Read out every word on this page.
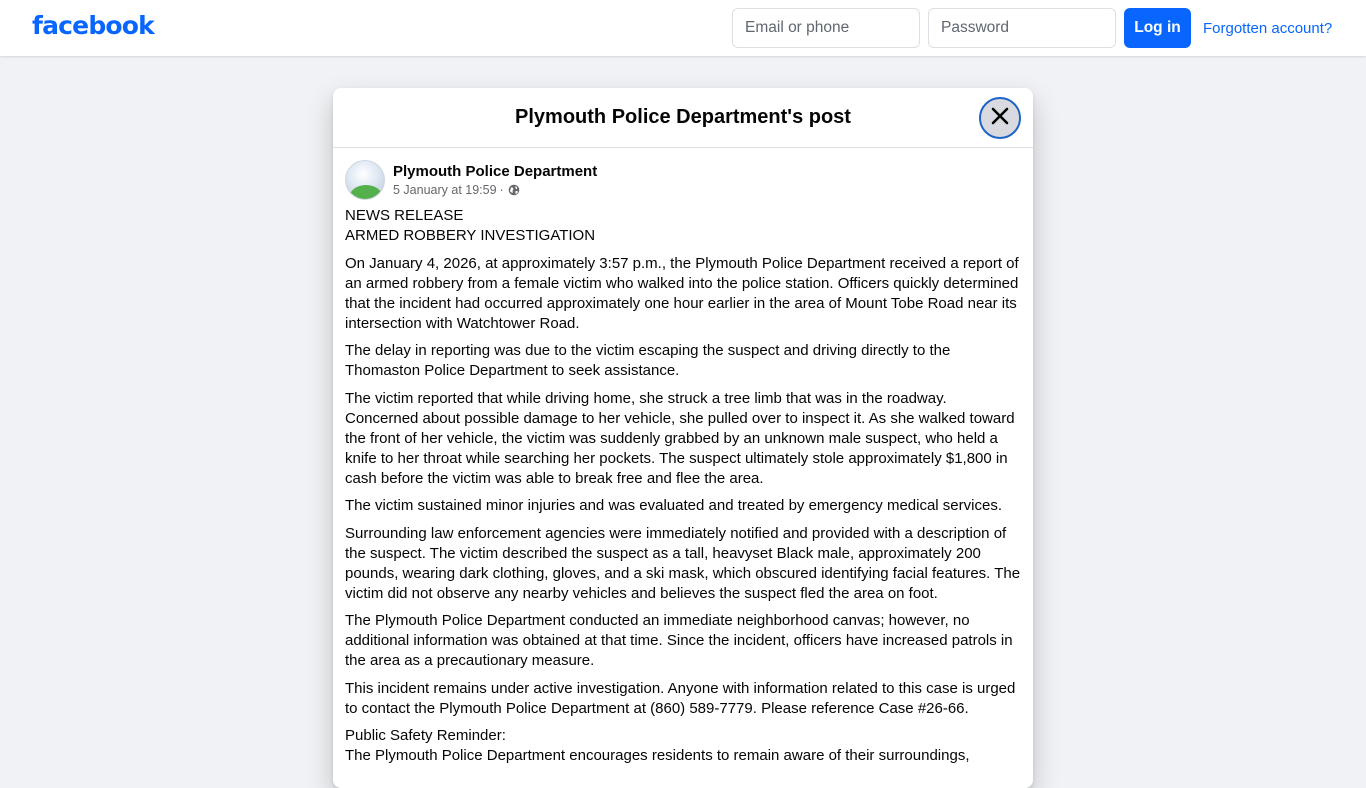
facebook
Email or phone	Log in	Forgotten account?
Plymouth Police Department's post
Plymouth Police Department
5 January at 19:59 ·

NEWS RELEASE
ARMED ROBBERY INVESTIGATION

On January 4, 2026, at approximately 3:57 p.m., the Plymouth Police Department received a report of an armed robbery from a female victim who walked into the police station. Officers quickly determined that the incident had occurred approximately one hour earlier in the area of Mount Tobe Road near its intersection with Watchtower Road.

The delay in reporting was due to the victim escaping the suspect and driving directly to the Thomaston Police Department to seek assistance.

The victim reported that while driving home, she struck a tree limb that was in the roadway. Concerned about possible damage to her vehicle, she pulled over to inspect it. As she walked toward the front of her vehicle, the victim was suddenly grabbed by an unknown male suspect, who held a knife to her throat while searching her pockets. The suspect ultimately stole approximately $1,800 in cash before the victim was able to break free and flee the area.

The victim sustained minor injuries and was evaluated and treated by emergency medical services.

Surrounding law enforcement agencies were immediately notified and provided with a description of the suspect. The victim described the suspect as a tall, heavyset Black male, approximately 200 pounds, wearing dark clothing, gloves, and a ski mask, which obscured identifying facial features. The victim did not observe any nearby vehicles and believes the suspect fled the area on foot.

The Plymouth Police Department conducted an immediate neighborhood canvas; however, no additional information was obtained at that time. Since the incident, officers have increased patrols in the area as a precautionary measure.

This incident remains under active investigation. Anyone with information related to this case is urged to contact the Plymouth Police Department at (860) 589-7779. Please reference Case #26-66.

Public Safety Reminder:
The Plymouth Police Department encourages residents to remain aware of their surroundings,
